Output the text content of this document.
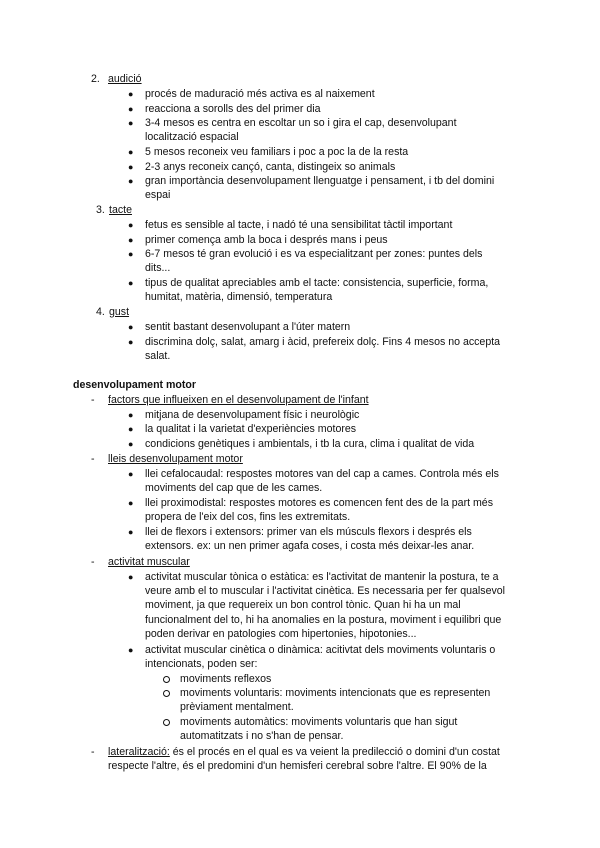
2. audició
● procés de maduració més activa es al naixement
● reacciona a sorolls des del primer dia
● 3-4 mesos es centra en escoltar un so i gira el cap, desenvolupant
localització espacial
● 5 mesos reconeix veu familiars i poc a poc la de la resta
● 2-3 anys reconeix cançó, canta, distingeix so animals
● gran importància desenvolupament llenguatge i pensament, i tb del domini
espai
3. tacte
● fetus es sensible al tacte, i nadó té una sensibilitat tàctil important
● primer comença amb la boca i després mans i peus
● 6-7 mesos té gran evolució i es va especialitzant per zones: puntes dels
dits...
● tipus de qualitat apreciables amb el tacte: consistencia, superficie, forma,
humitat, matèria, dimensió, temperatura
4. gust
● sentit bastant desenvolupant a l'úter matern
● discrimina dolç, salat, amarg i àcid, prefereix dolç. Fins 4 mesos no accepta
salat.
desenvolupament motor
- factors que influeixen en el desenvolupament de l'infant
● mitjana de desenvolupament físic i neurològic
● la qualitat i la varietat d'experiències motores
● condicions genètiques i ambientals, i tb la cura, clima i qualitat de vida
- lleis desenvolupament motor
● llei cefalocaudal: respostes motores van del cap a cames. Controla més els
moviments del cap que de les cames.
● llei proximodistal: respostes motores es comencen fent des de la part més
propera de l'eix del cos, fins les extremitats.
● llei de flexors i extensors: primer van els músculs flexors i després els
extensors. ex: un nen primer agafa coses, i costa més deixar-les anar.
- activitat muscular
● activitat muscular tònica o estàtica: es l'activitat de mantenir la postura, te a
veure amb el to muscular i l'activitat cinètica. Es necessaria per fer qualsevol
moviment, ja que requereix un bon control tònic. Quan hi ha un mal
funcionalment del to, hi ha anomalies en la postura, moviment i equilibri que
poden derivar en patologies com hipertonies, hipotonies...
● activitat muscular cinètica o dinàmica: acitivtat dels moviments voluntaris o
intencionats, poden ser:
moviments reflexos
moviments voluntaris: moviments intencionats que es representen
prèviament mentalment.
moviments automàtics: moviments voluntaris que han sigut
automatitzats i no s'han de pensar.
- lateralització: és el procés en el qual es va veient la predilecció o domini d'un costat
respecte l'altre, és el predomini d'un hemisferi cerebral sobre l'altre. El 90% de la
